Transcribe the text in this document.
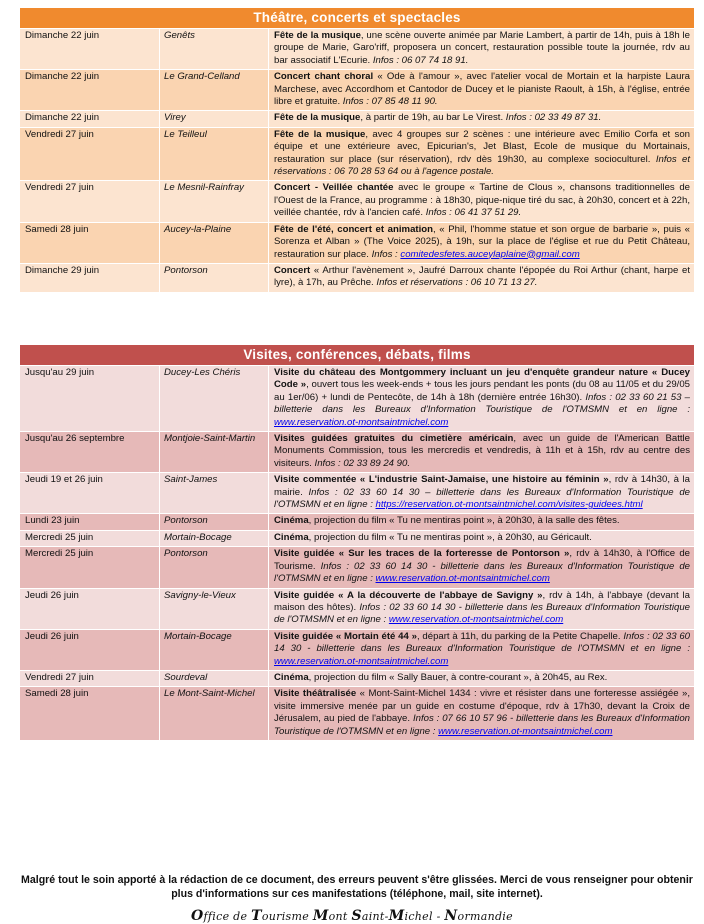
Théâtre, concerts et spectacles
Dimanche 22 juin	Genêts	Fête de la musique, une scène ouverte animée par Marie Lambert, à partir de 14h, puis à 18h le groupe de Marie, Garo'riff, proposera un concert, restauration possible toute la journée, rdv au bar associatif L'Ecurie. Infos : 06 07 74 18 91.
Dimanche 22 juin	Le Grand-Celland	Concert chant choral « Ode à l'amour », avec l'atelier vocal de Mortain et la harpiste Laura Marchese, avec Accordhom et Cantodor de Ducey et le pianiste Raoult, à 15h, à l'église, entrée libre et gratuite. Infos : 07 85 48 11 90.
Dimanche 22 juin	Virey	Fête de la musique, à partir de 19h, au bar Le Virest. Infos : 02 33 49 87 31.
Vendredi 27 juin	Le Teilleul	Fête de la musique, avec 4 groupes sur 2 scènes : une intérieure avec Emilio Corfa et son équipe et une extérieure avec, Epicurian's, Jet Blast, Ecole de musique du Mortainais, restauration sur place (sur réservation), rdv dès 19h30, au complexe socioculturel. Infos et réservations : 06 70 28 53 64 ou à l'agence postale.
Vendredi 27 juin	Le Mesnil-Rainfray	Concert - Veillée chantée avec le groupe « Tartine de Clous », chansons traditionnelles de l'Ouest de la France, au programme : à 18h30, pique-nique tiré du sac, à 20h30, concert et à 22h, veillée chantée, rdv à l'ancien café. Infos : 06 41 37 51 29.
Samedi 28 juin	Aucey-la-Plaine	Fête de l'été, concert et animation, « Phil, l'homme statue et son orgue de barbarie », puis « Sorenza et Alban » (The Voice 2025), à 19h, sur la place de l'église et rue du Petit Château, restauration sur place. Infos : comitedesfetes.auceylaplaine@gmail.com
Dimanche 29 juin	Pontorson	Concert « Arthur l'avènement », Jaufré Darroux chante l'épopée du Roi Arthur (chant, harpe et lyre), à 17h, au Prêche. Infos et réservations : 06 10 71 13 27.
Visites, conférences, débats, films
Jusqu'au 29 juin	Ducey-Les Chéris	Visite du château des Montgommery incluant un jeu d'enquête grandeur nature « Ducey Code », ouvert tous les week-ends + tous les jours pendant les ponts (du 08 au 11/05 et du 29/05 au 1er/06) + lundi de Pentecôte, de 14h à 18h (dernière entrée 16h30). Infos : 02 33 60 21 53 – billetterie dans les Bureaux d'Information Touristique de l'OTMSMN et en ligne : www.reservation.ot-montsaintmichel.com
Jusqu'au 26 septembre	Montjoie-Saint-Martin	Visites guidées gratuites du cimetière américain, avec un guide de l'American Battle Monuments Commission, tous les mercredis et vendredis, à 11h et à 15h, rdv au centre des visiteurs. Infos : 02 33 89 24 90.
Jeudi 19 et 26 juin	Saint-James	Visite commentée « L'industrie Saint-Jamaise, une histoire au féminin », rdv à 14h30, à la mairie. Infos : 02 33 60 14 30 – billetterie dans les Bureaux d'Information Touristique de l'OTMSMN et en ligne : https://reservation.ot-montsaintmichel.com/visites-guidees.html
Lundi 23 juin	Pontorson	Cinéma, projection du film « Tu ne mentiras point », à 20h30, à la salle des fêtes.
Mercredi 25 juin	Mortain-Bocage	Cinéma, projection du film « Tu ne mentiras point », à 20h30, au Géricault.
Mercredi 25 juin	Pontorson	Visite guidée « Sur les traces de la forteresse de Pontorson », rdv à 14h30, à l'Office de Tourisme. Infos : 02 33 60 14 30 - billetterie dans les Bureaux d'Information Touristique de l'OTMSMN et en ligne : www.reservation.ot-montsaintmichel.com
Jeudi 26 juin	Savigny-le-Vieux	Visite guidée « A la découverte de l'abbaye de Savigny », rdv à 14h, à l'abbaye (devant la maison des hôtes). Infos : 02 33 60 14 30 - billetterie dans les Bureaux d'Information Touristique de l'OTMSMN et en ligne : www.reservation.ot-montsaintmichel.com
Jeudi 26 juin	Mortain-Bocage	Visite guidée « Mortain été 44 », départ à 11h, du parking de la Petite Chapelle. Infos : 02 33 60 14 30 - billetterie dans les Bureaux d'Information Touristique de l'OTMSMN et en ligne : www.reservation.ot-montsaintmichel.com
Vendredi 27 juin	Sourdeval	Cinéma, projection du film « Sally Bauer, à contre-courant », à 20h45, au Rex.
Samedi 28 juin	Le Mont-Saint-Michel	Visite théâtralisée « Mont-Saint-Michel 1434 : vivre et résister dans une forteresse assiégée », visite immersive menée par un guide en costume d'époque, rdv à 17h30, devant la Croix de Jérusalem, au pied de l'abbaye. Infos : 07 66 10 57 96 - billetterie dans les Bureaux d'Information Touristique de l'OTMSMN et en ligne : www.reservation.ot-montsaintmichel.com
Malgré tout le soin apporté à la rédaction de ce document, des erreurs peuvent s'être glissées. Merci de vous renseigner pour obtenir plus d'informations sur ces manifestations (téléphone, mail, site internet).
Office de Tourisme Mont Saint-Michel - Normandie
